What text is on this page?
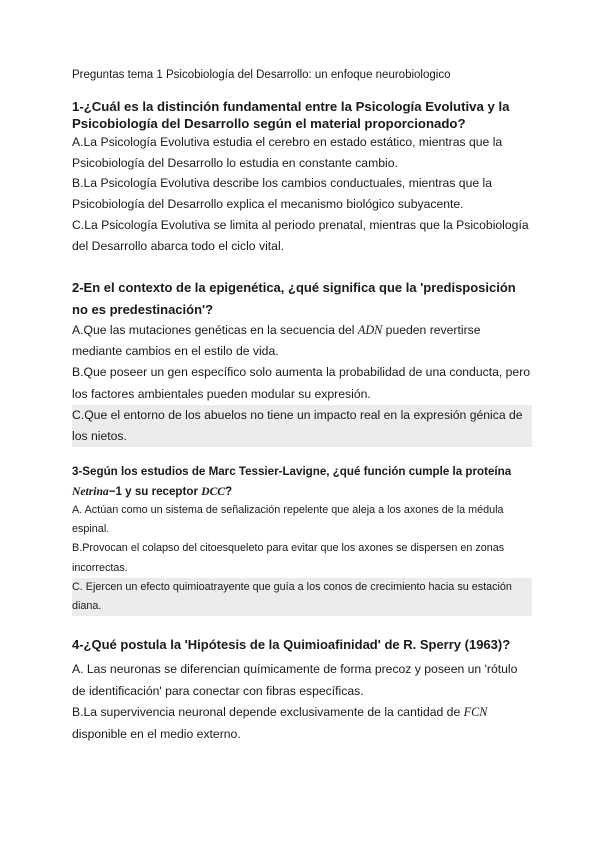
Preguntas tema 1 Psicobiología del Desarrollo: un enfoque neurobiologico

1-¿Cuál es la distinción fundamental entre la Psicología Evolutiva y la Psicobiología del Desarrollo según el material proporcionado?

A.La Psicología Evolutiva estudia el cerebro en estado estático, mientras que la Psicobiología del Desarrollo lo estudia en constante cambio.

B.La Psicología Evolutiva describe los cambios conductuales, mientras que la Psicobiología del Desarrollo explica el mecanismo biológico subyacente.

C.La Psicología Evolutiva se limita al periodo prenatal, mientras que la Psicobiología del Desarrollo abarca todo el ciclo vital.

2-En el contexto de la epigenética, ¿qué significa que la 'predisposición no es predestinación'?

A.Que las mutaciones genéticas en la secuencia del ADN pueden revertirse mediante cambios en el estilo de vida.

B.Que poseer un gen específico solo aumenta la probabilidad de una conducta, pero los factores ambientales pueden modular su expresión.

C.Que el entorno de los abuelos no tiene un impacto real en la expresión génica de los nietos.

3-Según los estudios de Marc Tessier-Lavigne, ¿qué función cumple la proteína Netrina−1 y su receptor DCC?

A. Actúan como un sistema de señalización repelente que aleja a los axones de la médula espinal.

B.Provocan el colapso del citoesqueleto para evitar que los axones se dispersen en zonas incorrectas.

C. Ejercen un efecto quimioatrayente que guía a los conos de crecimiento hacia su estación diana.

4-¿Qué postula la 'Hipótesis de la Quimioafinidad' de R. Sperry (1963)?

A. Las neuronas se diferencian químicamente de forma precoz y poseen un 'rótulo de identificación' para conectar con fibras específicas.

B.La supervivencia neuronal depende exclusivamente de la cantidad de FCN disponible en el medio externo.
